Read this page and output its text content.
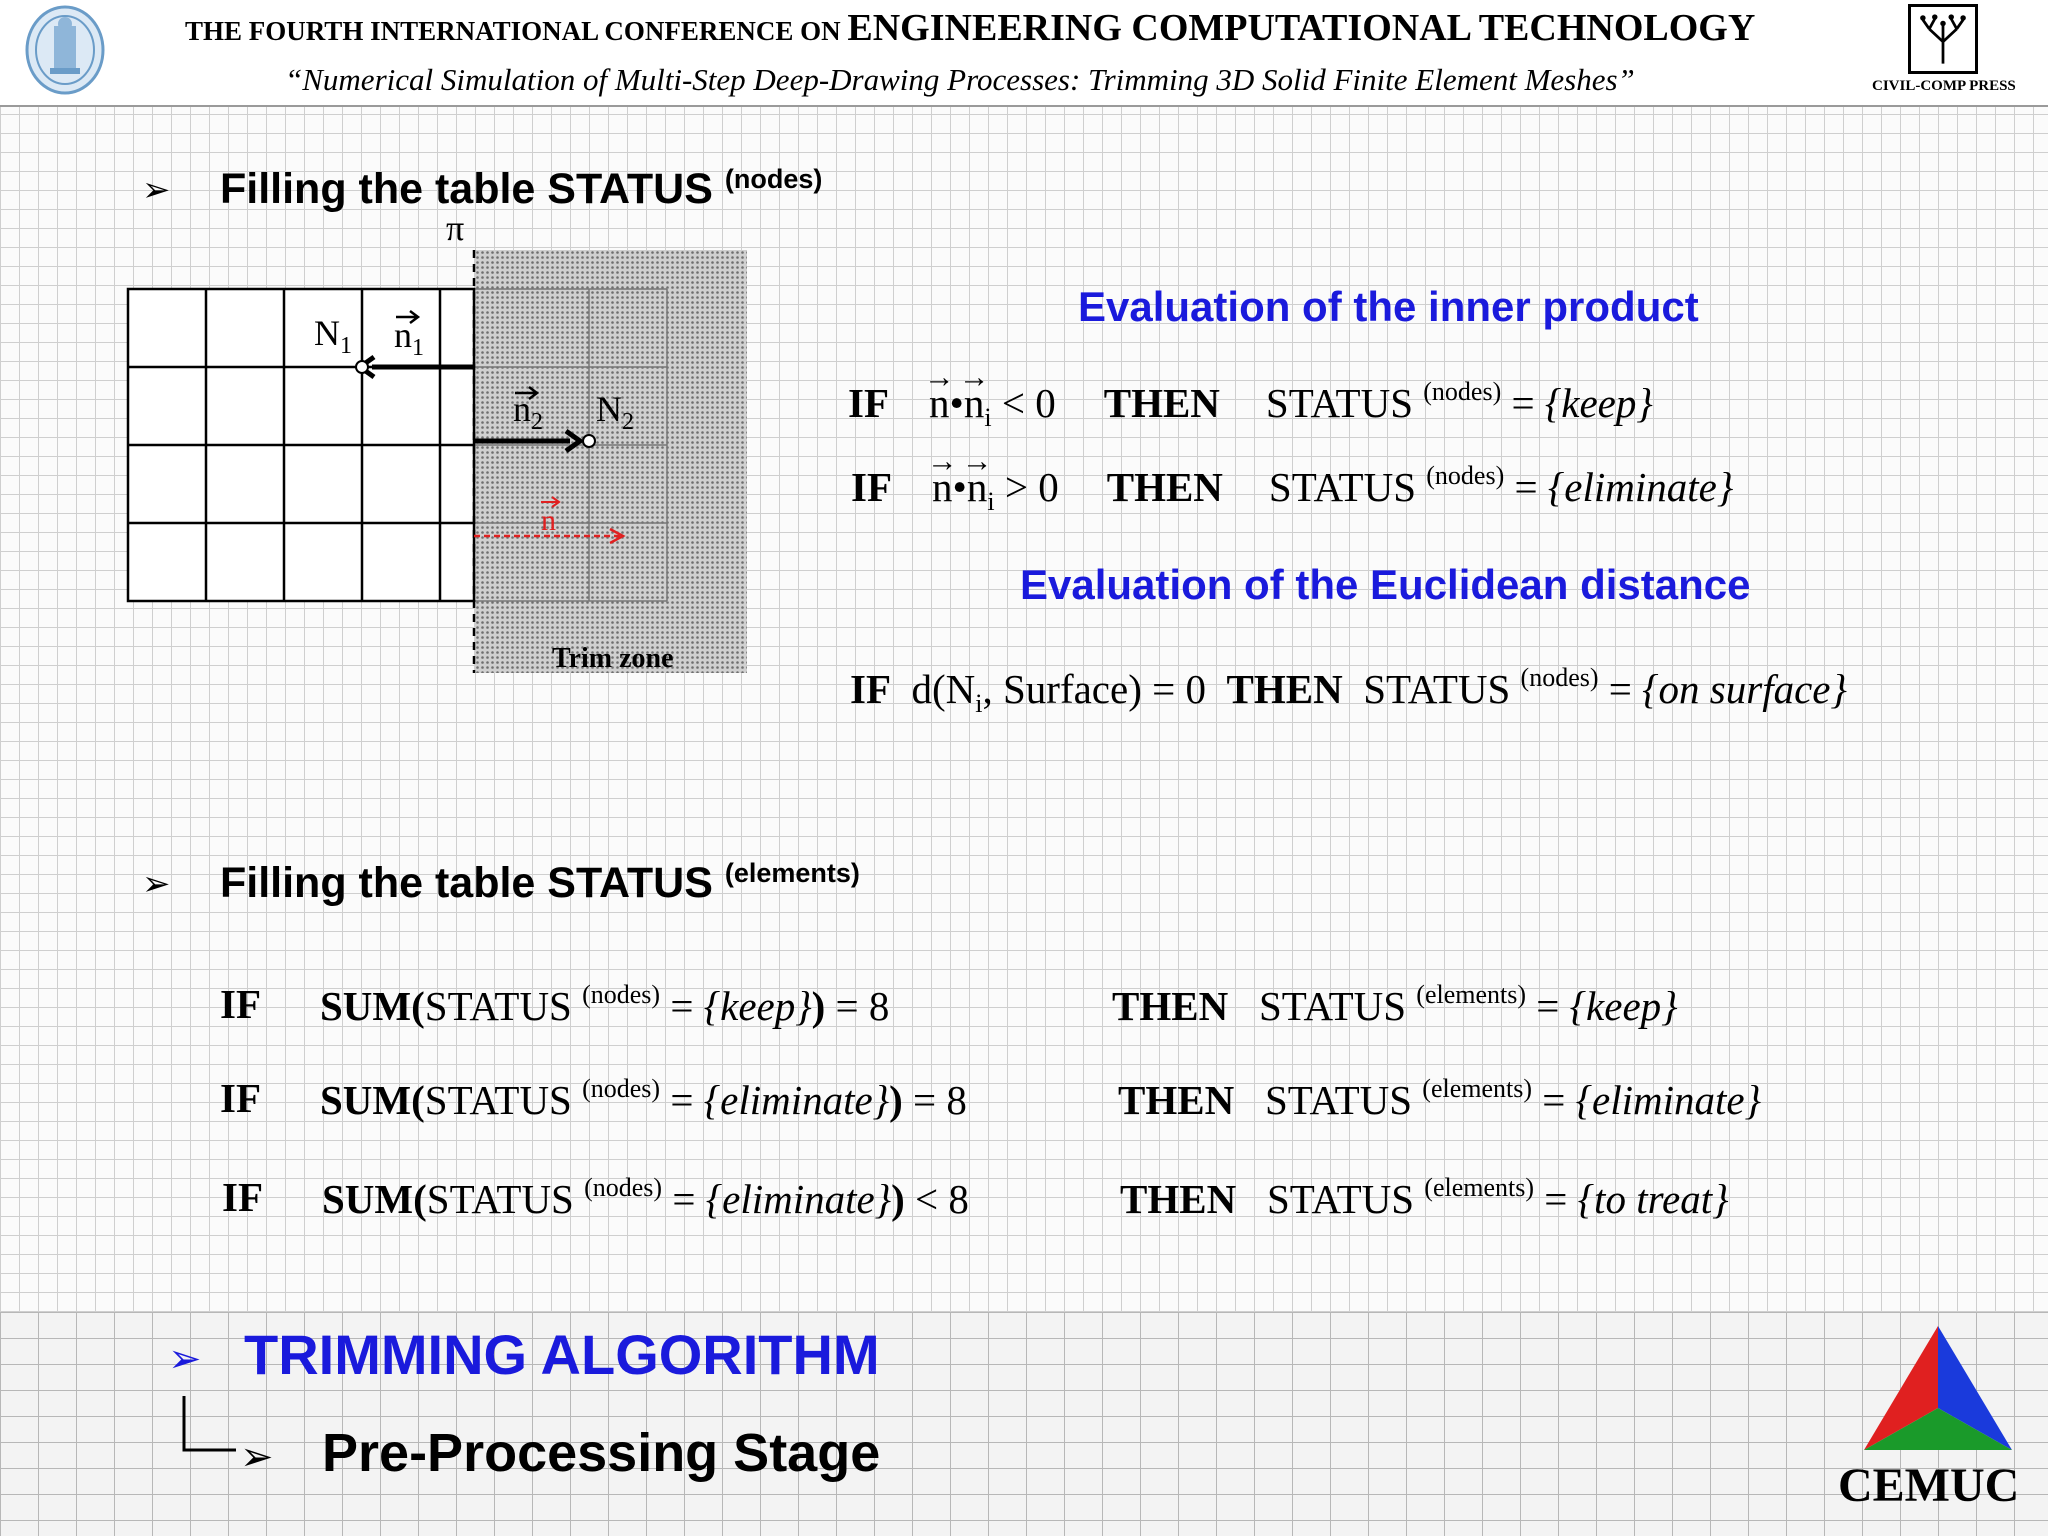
THE FOURTH INTERNATIONAL CONFERENCE ON ENGINEERING COMPUTATIONAL TECHNOLOGY
“Numerical Simulation of Multi-Step Deep-Drawing Processes: Trimming 3D Solid Finite Element Meshes”	CIVIL-COMP PRESS
➢ Filling the table STATUS $^{(nodes)}$
π
$N_1$ $n_1$
$n_2$ $N_2$
n
Trim zone
Evaluation of the inner product
IF → n•→ $n_i < 0$ THEN STATUS $^{(nodes)}$ = {keep}
IF → n•→ $n_i > 0$ THEN STATUS $^{(nodes)}$ = {eliminate}
Evaluation of the Euclidean distance
IF $d(N_i$, Surface) = 0 THEN STATUS $^{(nodes)}$ = {on surface}
➢ Filling the table STATUS $^{(elements)}$
IF SUM(STATUS $^{(nodes)}$ = {keep}) = 8	THEN STATUS $^{(elements)}$ = {keep}
IF SUM(STATUS $^{(nodes)}$ = {eliminate}) = 8	THEN STATUS $^{(elements)}$ = {eliminate}
IF SUM(STATUS $^{(nodes)}$ = {eliminate}) < 8	THEN STATUS $^{(elements)}$ = {to treat}
➢ TRIMMING ALGORITHM
➢ Pre-Processing Stage
CEMUC
